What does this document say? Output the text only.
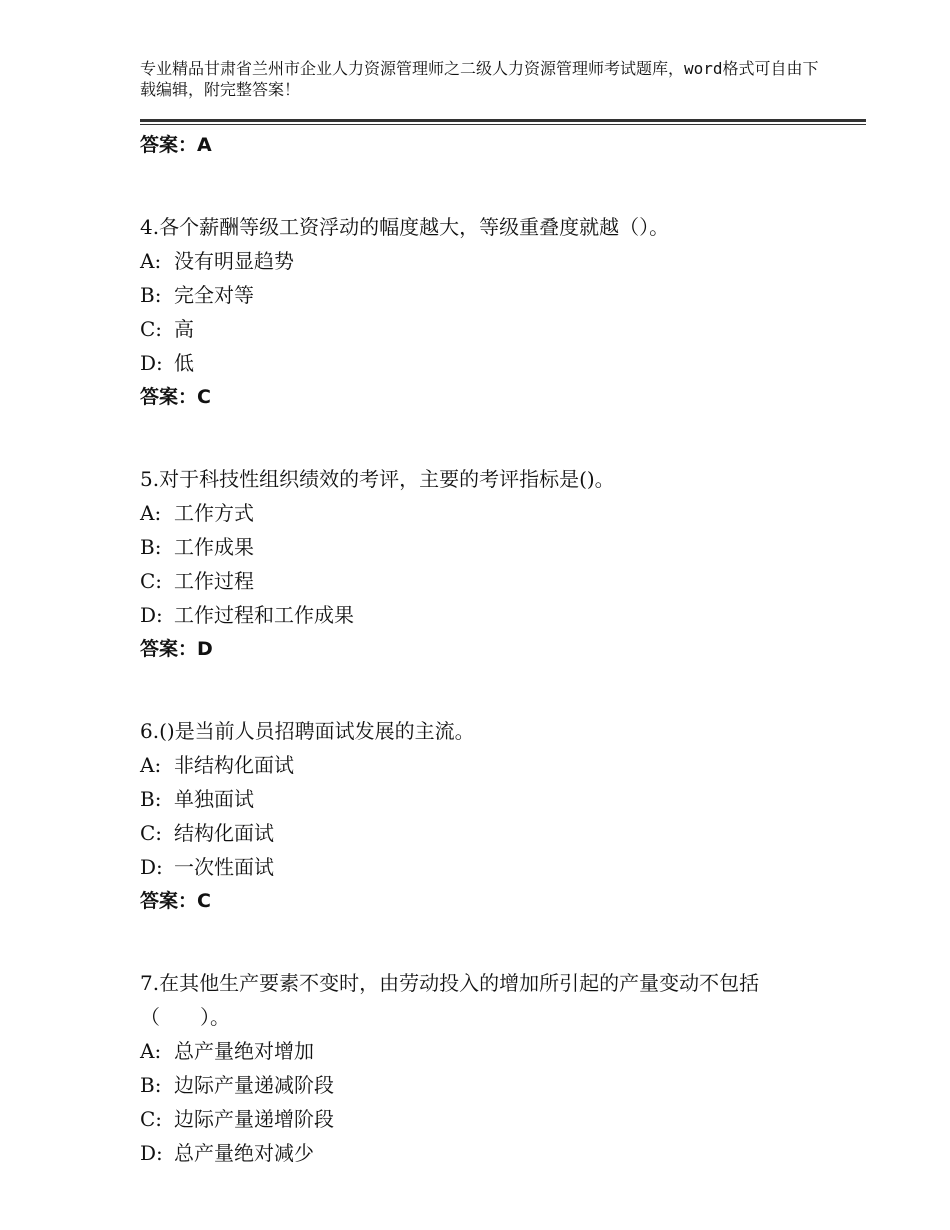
专业精品甘肃省兰州市企业人力资源管理师之二级人力资源管理师考试题库，word格式可自由下载编辑，附完整答案！
答案：A
4.各个薪酬等级工资浮动的幅度越大，等级重叠度就越（）。
A: 没有明显趋势
B: 完全对等
C: 高
D: 低
答案：C
5.对于科技性组织绩效的考评，主要的考评指标是()。
A: 工作方式
B: 工作成果
C: 工作过程
D: 工作过程和工作成果
答案：D
6.()是当前人员招聘面试发展的主流。
A: 非结构化面试
B: 单独面试
C: 结构化面试
D: 一次性面试
答案：C
7.在其他生产要素不变时，由劳动投入的增加所引起的产量变动不包括（　　）。
A: 总产量绝对增加
B: 边际产量递减阶段
C: 边际产量递增阶段
D: 总产量绝对减少
